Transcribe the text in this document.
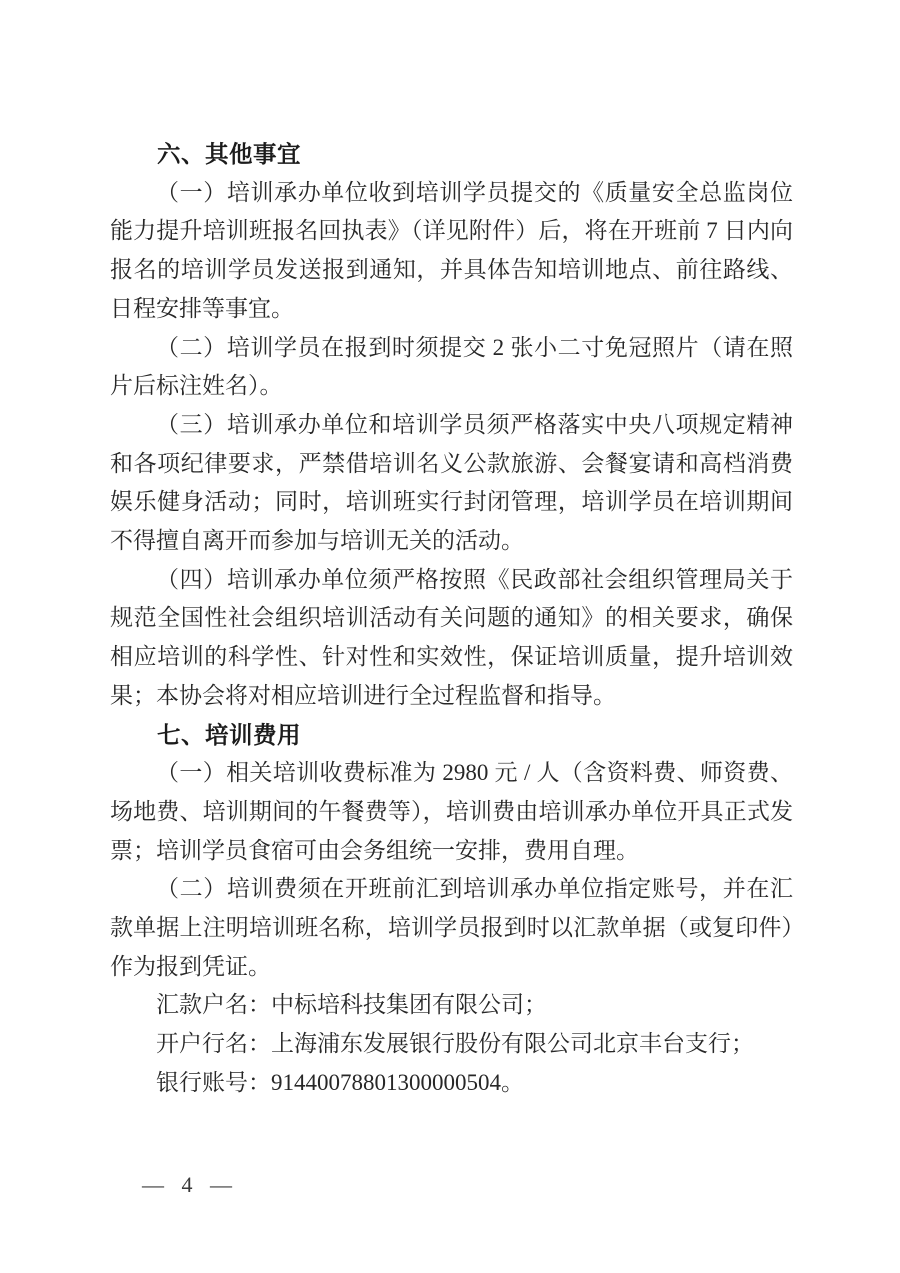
六、其他事宜

（一）培训承办单位收到培训学员提交的《质量安全总监岗位能力提升培训班报名回执表》（详见附件）后，将在开班前 7 日内向报名的培训学员发送报到通知，并具体告知培训地点、前往路线、日程安排等事宜。

（二）培训学员在报到时须提交 2 张小二寸免冠照片（请在照片后标注姓名）。

（三）培训承办单位和培训学员须严格落实中央八项规定精神和各项纪律要求，严禁借培训名义公款旅游、会餐宴请和高档消费娱乐健身活动；同时，培训班实行封闭管理，培训学员在培训期间不得擅自离开而参加与培训无关的活动。

（四）培训承办单位须严格按照《民政部社会组织管理局关于规范全国性社会组织培训活动有关问题的通知》的相关要求，确保相应培训的科学性、针对性和实效性，保证培训质量，提升培训效果；本协会将对相应培训进行全过程监督和指导。

七、培训费用

（一）相关培训收费标准为 2980 元 / 人（含资料费、师资费、场地费、培训期间的午餐费等），培训费由培训承办单位开具正式发票；培训学员食宿可由会务组统一安排，费用自理。

（二）培训费须在开班前汇到培训承办单位指定账号，并在汇款单据上注明培训班名称，培训学员报到时以汇款单据（或复印件）作为报到凭证。

汇款户名：中标培科技集团有限公司；

开户行名：上海浦东发展银行股份有限公司北京丰台支行；

银行账号：91440078801300000504。

— 4 —
